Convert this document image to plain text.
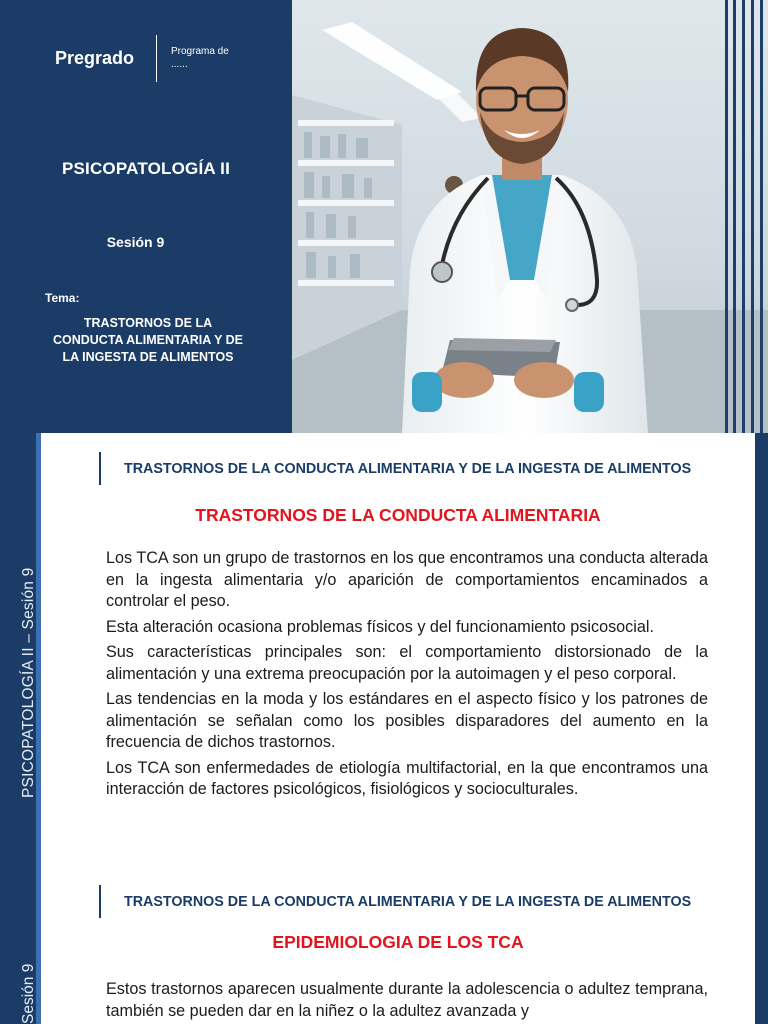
Pregrado	Programa de
......
PSICOPATOLOGÍA II
Sesión 9
Tema:
TRASTORNOS DE LA
CONDUCTA ALIMENTARIA Y DE
LA INGESTA DE ALIMENTOS
PSICOPATOLOGÍA II – Sesión 9
Sesión 9
TRASTORNOS DE LA CONDUCTA ALIMENTARIA Y DE LA INGESTA DE ALIMENTOS
TRASTORNOS DE LA CONDUCTA ALIMENTARIA

Los TCA son un grupo de trastornos en los que encontramos una conducta alterada en la ingesta alimentaria y/o aparición de comportamientos encaminados a controlar el peso.

Esta alteración ocasiona problemas físicos y del funcionamiento psicosocial.

Sus características principales son: el comportamiento distorsionado de la alimentación y una extrema preocupación por la autoimagen y el peso corporal.

Las tendencias en la moda y los estándares en el aspecto físico y los patrones de alimentación se señalan como los posibles disparadores del aumento en la frecuencia de dichos trastornos.

Los TCA son enfermedades de etiología multifactorial, en la que encontramos una interacción de factores psicológicos, fisiológicos y socioculturales.

TRASTORNOS DE LA CONDUCTA ALIMENTARIA Y DE LA INGESTA DE ALIMENTOS
EPIDEMIOLOGIA DE LOS TCA

Estos trastornos aparecen usualmente durante la adolescencia o adultez temprana, también se pueden dar en la niñez o la adultez avanzada y
